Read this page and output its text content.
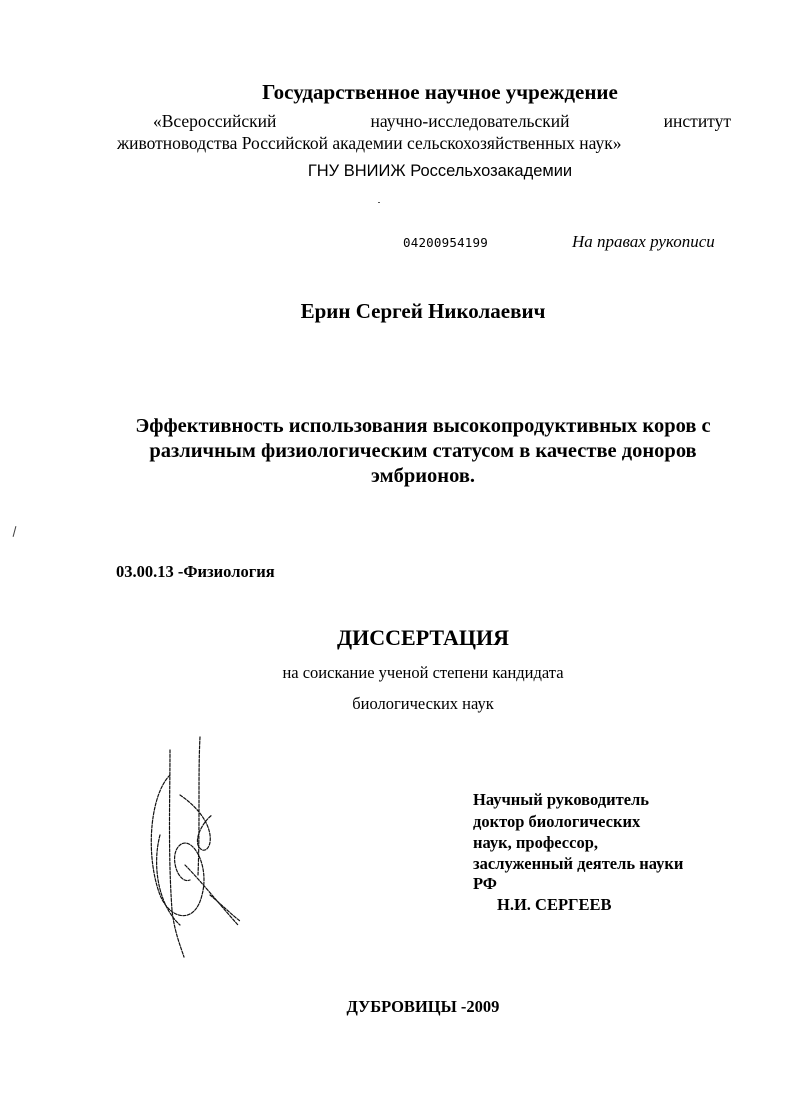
Государственное научное учреждение
«Всероссийский	научно-исследовательский	институт
животноводства Российской академии сельскохозяйственных наук»
ГНУ ВНИИЖ Россельхозакадемии
04200954199	На правах рукописи
Ерин Сергей Николаевич
Эффективность использования высокопродуктивных коров с
различным физиологическим статусом в качестве доноров
эмбрионов.
03.00.13 -Физиология
ДИССЕРТАЦИЯ
на соискание ученой степени кандидата
биологических наук
Научный руководитель
доктор биологических
наук, профессор,
заслуженный деятель науки
РФ
Н.И. СЕРГЕЕВ
ДУБРОВИЦЫ -2009
